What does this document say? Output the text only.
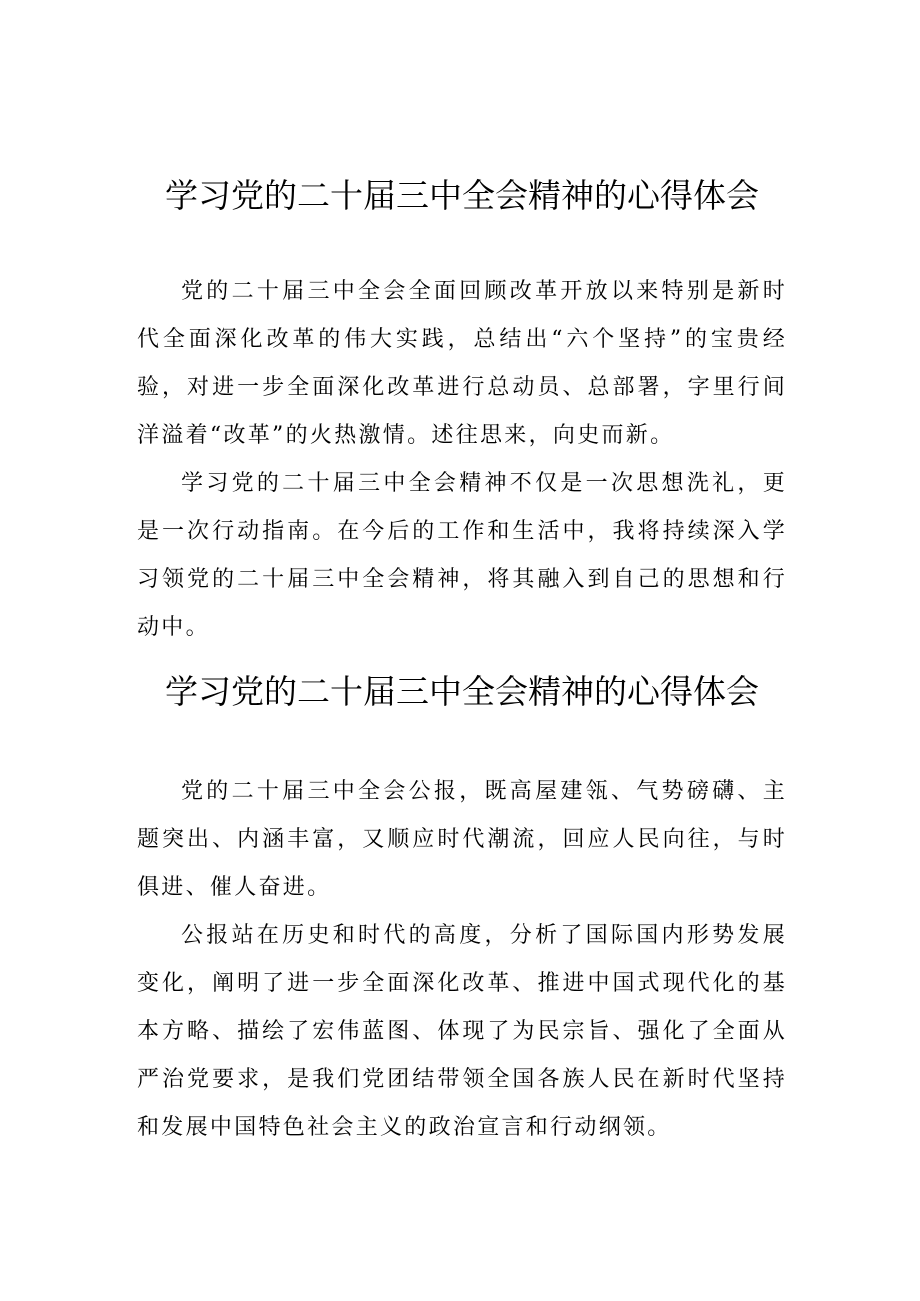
学习党的二十届三中全会精神的心得体会

党的二十届三中全会全面回顾改革开放以来特别是新时代全面深化改革的伟大实践，总结出“六个坚持”的宝贵经验，对进一步全面深化改革进行总动员、总部署，字里行间洋溢着“改革”的火热激情。述往思来，向史而新。

学习党的二十届三中全会精神不仅是一次思想洗礼，更是一次行动指南。在今后的工作和生活中，我将持续深入学习领党的二十届三中全会精神，将其融入到自己的思想和行动中。

学习党的二十届三中全会精神的心得体会

党的二十届三中全会公报，既高屋建瓴、气势磅礴、主题突出、内涵丰富，又顺应时代潮流，回应人民向往，与时俱进、催人奋进。

公报站在历史和时代的高度，分析了国际国内形势发展变化，阐明了进一步全面深化改革、推进中国式现代化的基本方略、描绘了宏伟蓝图、体现了为民宗旨、强化了全面从严治党要求，是我们党团结带领全国各族人民在新时代坚持和发展中国特色社会主义的政治宣言和行动纲领。
